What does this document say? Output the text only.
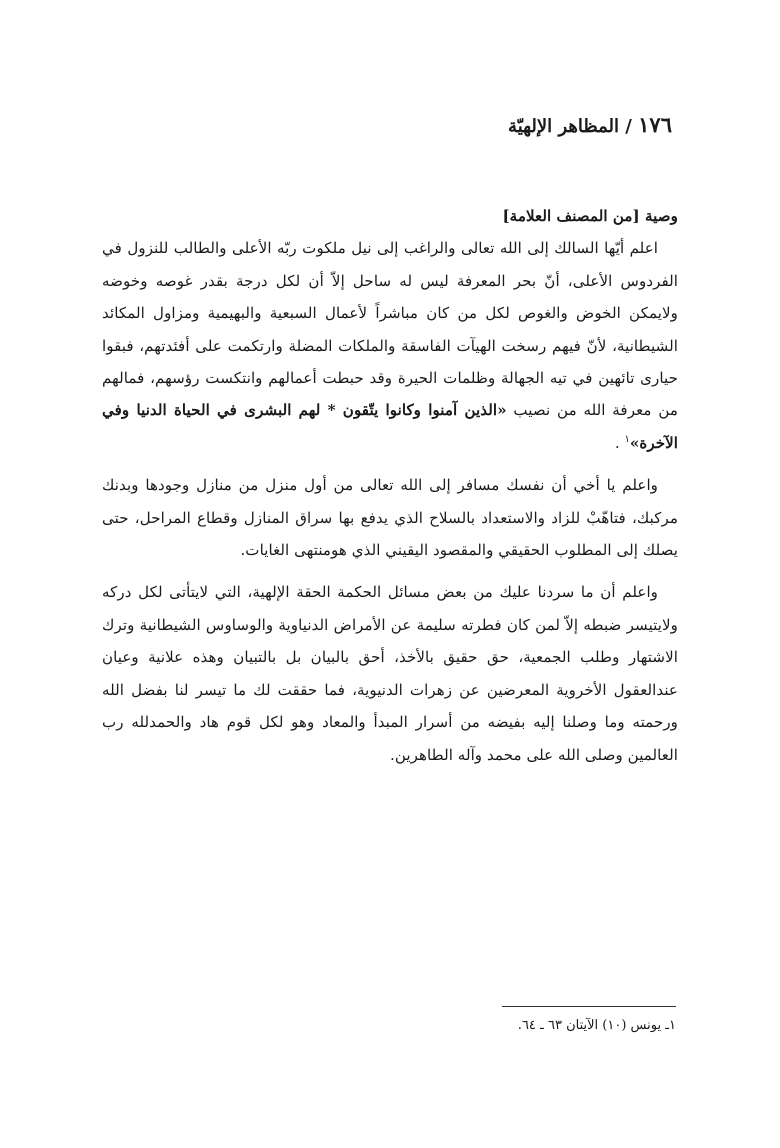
١٧٦ / المظاهر الإلهيّة

وصية [من المصنف العلامة]

اعلم أيّها السالك إلى الله تعالى والراغب إلى نيل ملكوت ربّه الأعلى والطالب للنزول في الفردوس الأعلى، أنّ بحر المعرفة ليس له ساحل إلاّ أن لكل درجة بقدر غوصه وخوضه ولايمكن الخوض والغوص لكل من كان مباشراً لأعمال السبعية والبهيمية ومزاول المكائد الشيطانية، لأنّ فيهم رسخت الهيآت الفاسقة والملكات المضلة وارتكمت على أفئدتهم، فبقوا حيارى تائهين في تيه الجهالة وظلمات الحيرة وقد حبطت أعمالهم وانتكست رؤسهم، فمالهم من معرفة الله من نصيب «الذين آمنوا وكانوا يتّقون * لهم البشرى في الحياة الدنيا وفي الآخرة»$^١$ .

واعلم يا أخي أن نفسك مسافر إلى الله تعالى من أول منزل من منازل وجودها وبدنك مركبك، فتاهّبْ للزاد والاستعداد بالسلاح الذي يدفع بها سراق المنازل وقطاع المراحل، حتى يصلك إلى المطلوب الحقيقي والمقصود اليقيني الذي هومنتهى الغايات.

واعلم أن ما سردنا عليك من بعض مسائل الحكمة الحقة الإلهية، التي لايتأتى لكل دركه ولايتيسر ضبطه إلاّ لمن كان فطرته سليمة عن الأمراض الدنياوية والوساوس الشيطانية وترك الاشتهار وطلب الجمعية، حق حقيق بالأخذ، أحق بالبيان بل بالتبيان وهذه علانية وعيان عندالعقول الأخروية المعرضين عن زهرات الدنيوية، فما حققت لك ما تيسر لنا بفضل الله ورحمته وما وصلنا إليه بفيضه من أسرار المبدأ والمعاد وهو لكل قوم هاد والحمدلله رب العالمين وصلى الله على محمد وآله الطاهرين.

١ـ يونس (١٠) الآيتان ٦٣ ـ ٦٤.
